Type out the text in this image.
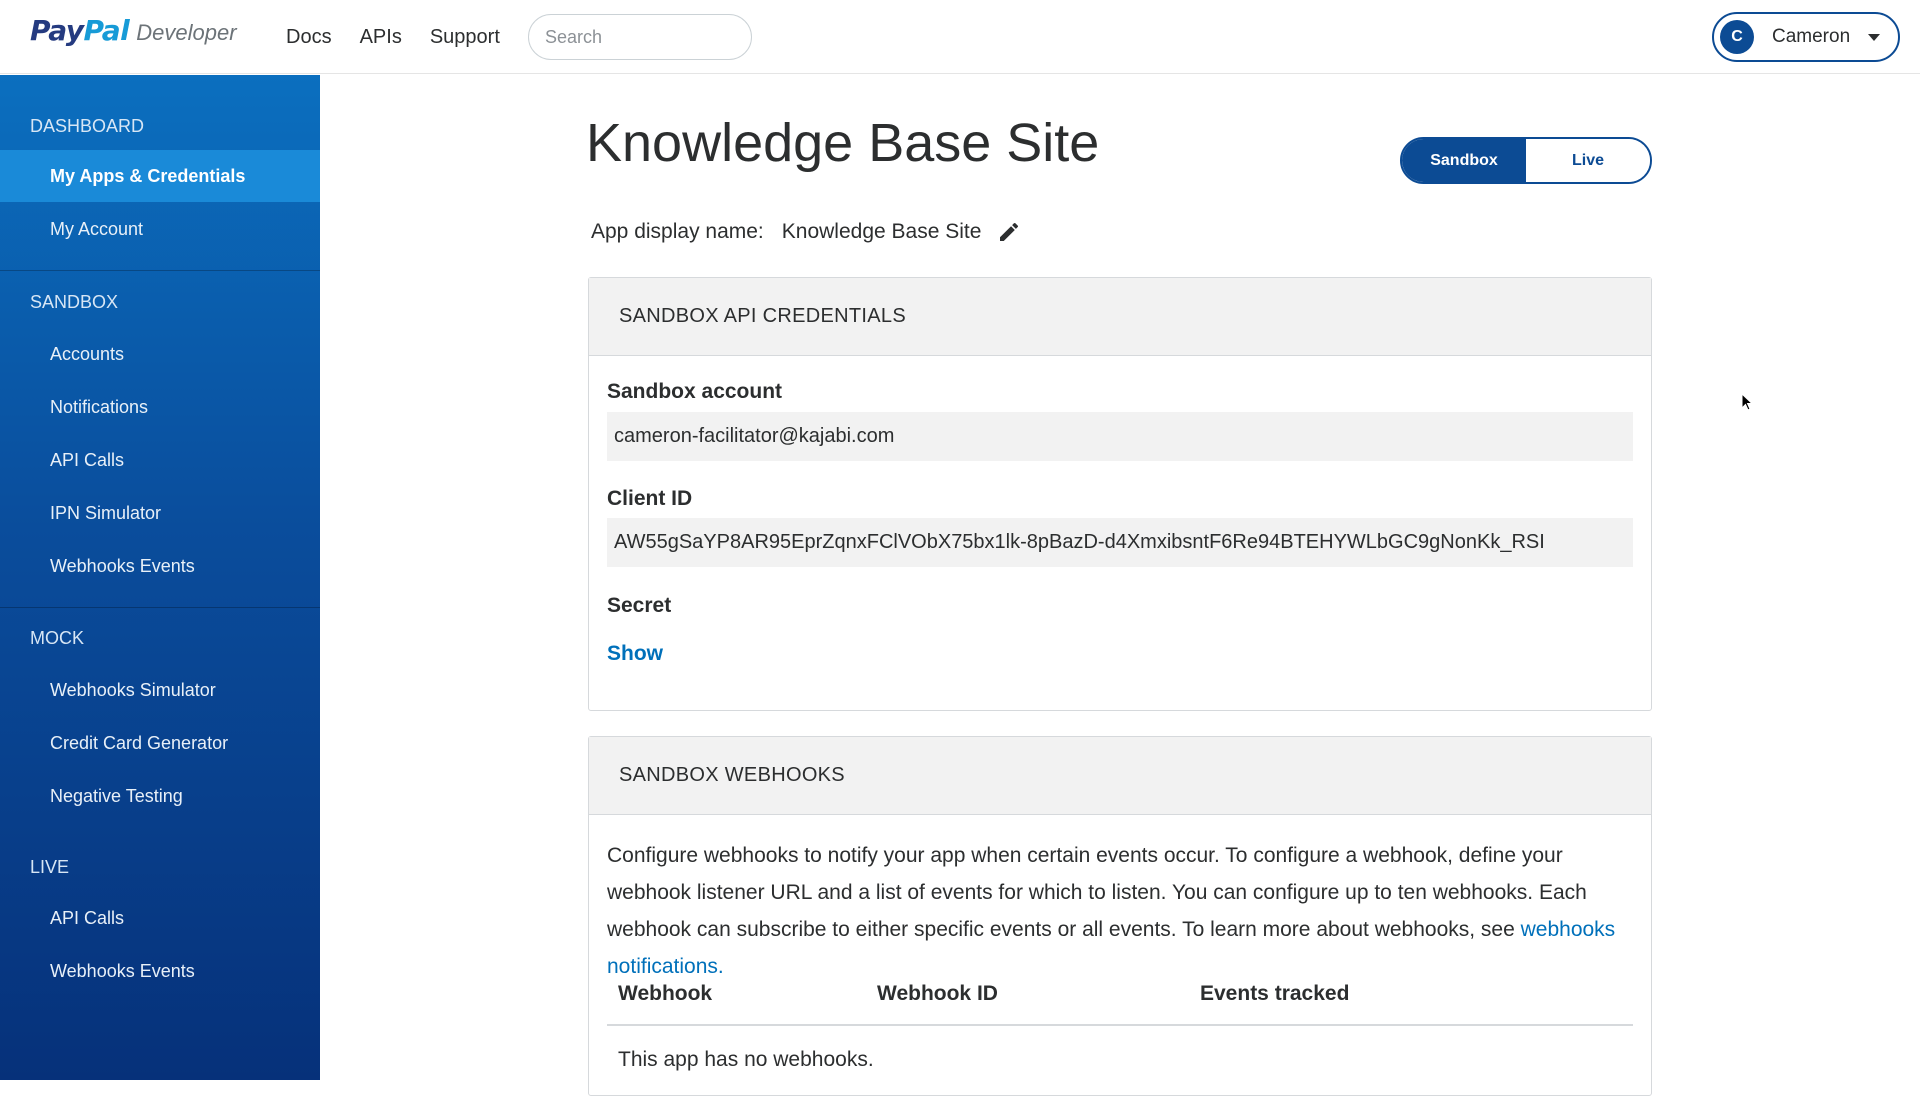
PayPal Developer Docs APIs Support
Search	C	Cameron
DASHBOARD
My Apps & Credentials
My Account
SANDBOX
Accounts
Notifications
API Calls
IPN Simulator
Webhooks Events
MOCK
Webhooks Simulator
Credit Card Generator
Negative Testing
LIVE
API Calls
Webhooks Events
Knowledge Base Site	Sandbox	Live
App display name: Knowledge Base Site
SANDBOX API CREDENTIALS
Sandbox account
cameron-facilitator@kajabi.com
Client ID
AW55gSaYP8AR95EprZqnxFClVObX75bx1lk-8pBazD-d4XmxibsntF6Re94BTEHYWLbGC9gNonKk_RSI
Secret
Show
SANDBOX WEBHOOKS
Configure webhooks to notify your app when certain events occur. To configure a webhook, define your webhook listener URL and a list of events for which to listen. You can configure up to ten webhooks. Each webhook can subscribe to either specific events or all events. To learn more about webhooks, see webhooks notifications.
Webhook	Webhook ID	Events tracked
This app has no webhooks.
